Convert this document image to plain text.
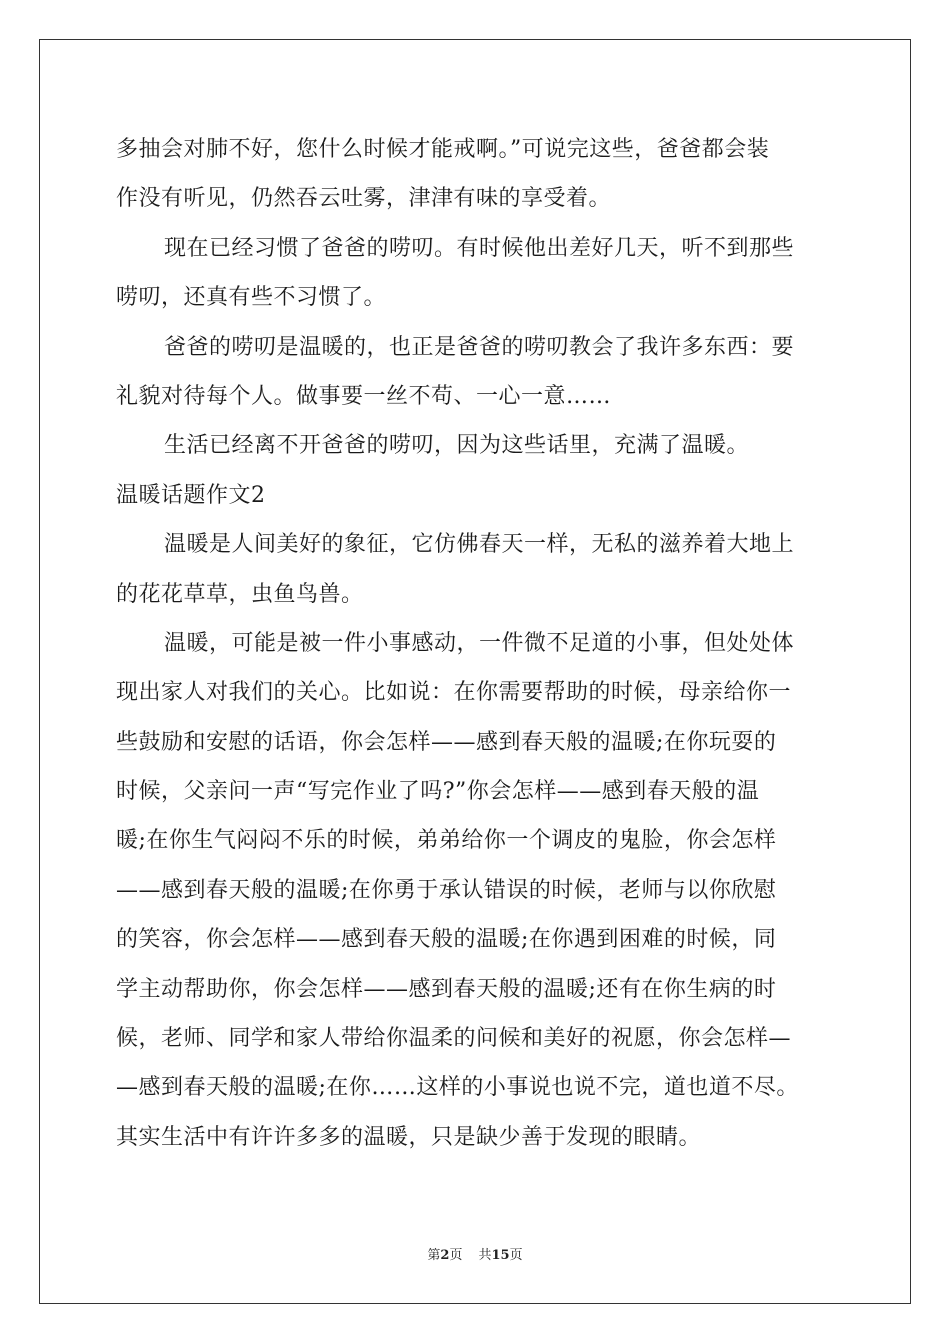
多抽会对肺不好，您什么时候才能戒啊。”可说完这些，爸爸都会装
作没有听见，仍然吞云吐雾，津津有味的享受着。
现在已经习惯了爸爸的唠叨。有时候他出差好几天，听不到那些
唠叨，还真有些不习惯了。
爸爸的唠叨是温暖的，也正是爸爸的唠叨教会了我许多东西：要
礼貌对待每个人。做事要一丝不苟、一心一意……
生活已经离不开爸爸的唠叨，因为这些话里，充满了温暖。
温暖话题作文2
温暖是人间美好的象征，它仿佛春天一样，无私的滋养着大地上
的花花草草，虫鱼鸟兽。
温暖，可能是被一件小事感动，一件微不足道的小事，但处处体
现出家人对我们的关心。比如说：在你需要帮助的时候，母亲给你一
些鼓励和安慰的话语，你会怎样——感到春天般的温暖;在你玩耍的
时候，父亲问一声“写完作业了吗?”你会怎样——感到春天般的温
暖;在你生气闷闷不乐的时候，弟弟给你一个调皮的鬼脸，你会怎样
——感到春天般的温暖;在你勇于承认错误的时候，老师与以你欣慰
的笑容，你会怎样——感到春天般的温暖;在你遇到困难的时候，同
学主动帮助你，你会怎样——感到春天般的温暖;还有在你生病的时
候，老师、同学和家人带给你温柔的问候和美好的祝愿，你会怎样—
—感到春天般的温暖;在你……这样的小事说也说不完，道也道不尽。
其实生活中有许许多多的温暖，只是缺少善于发现的眼睛。
第2页 共15页
